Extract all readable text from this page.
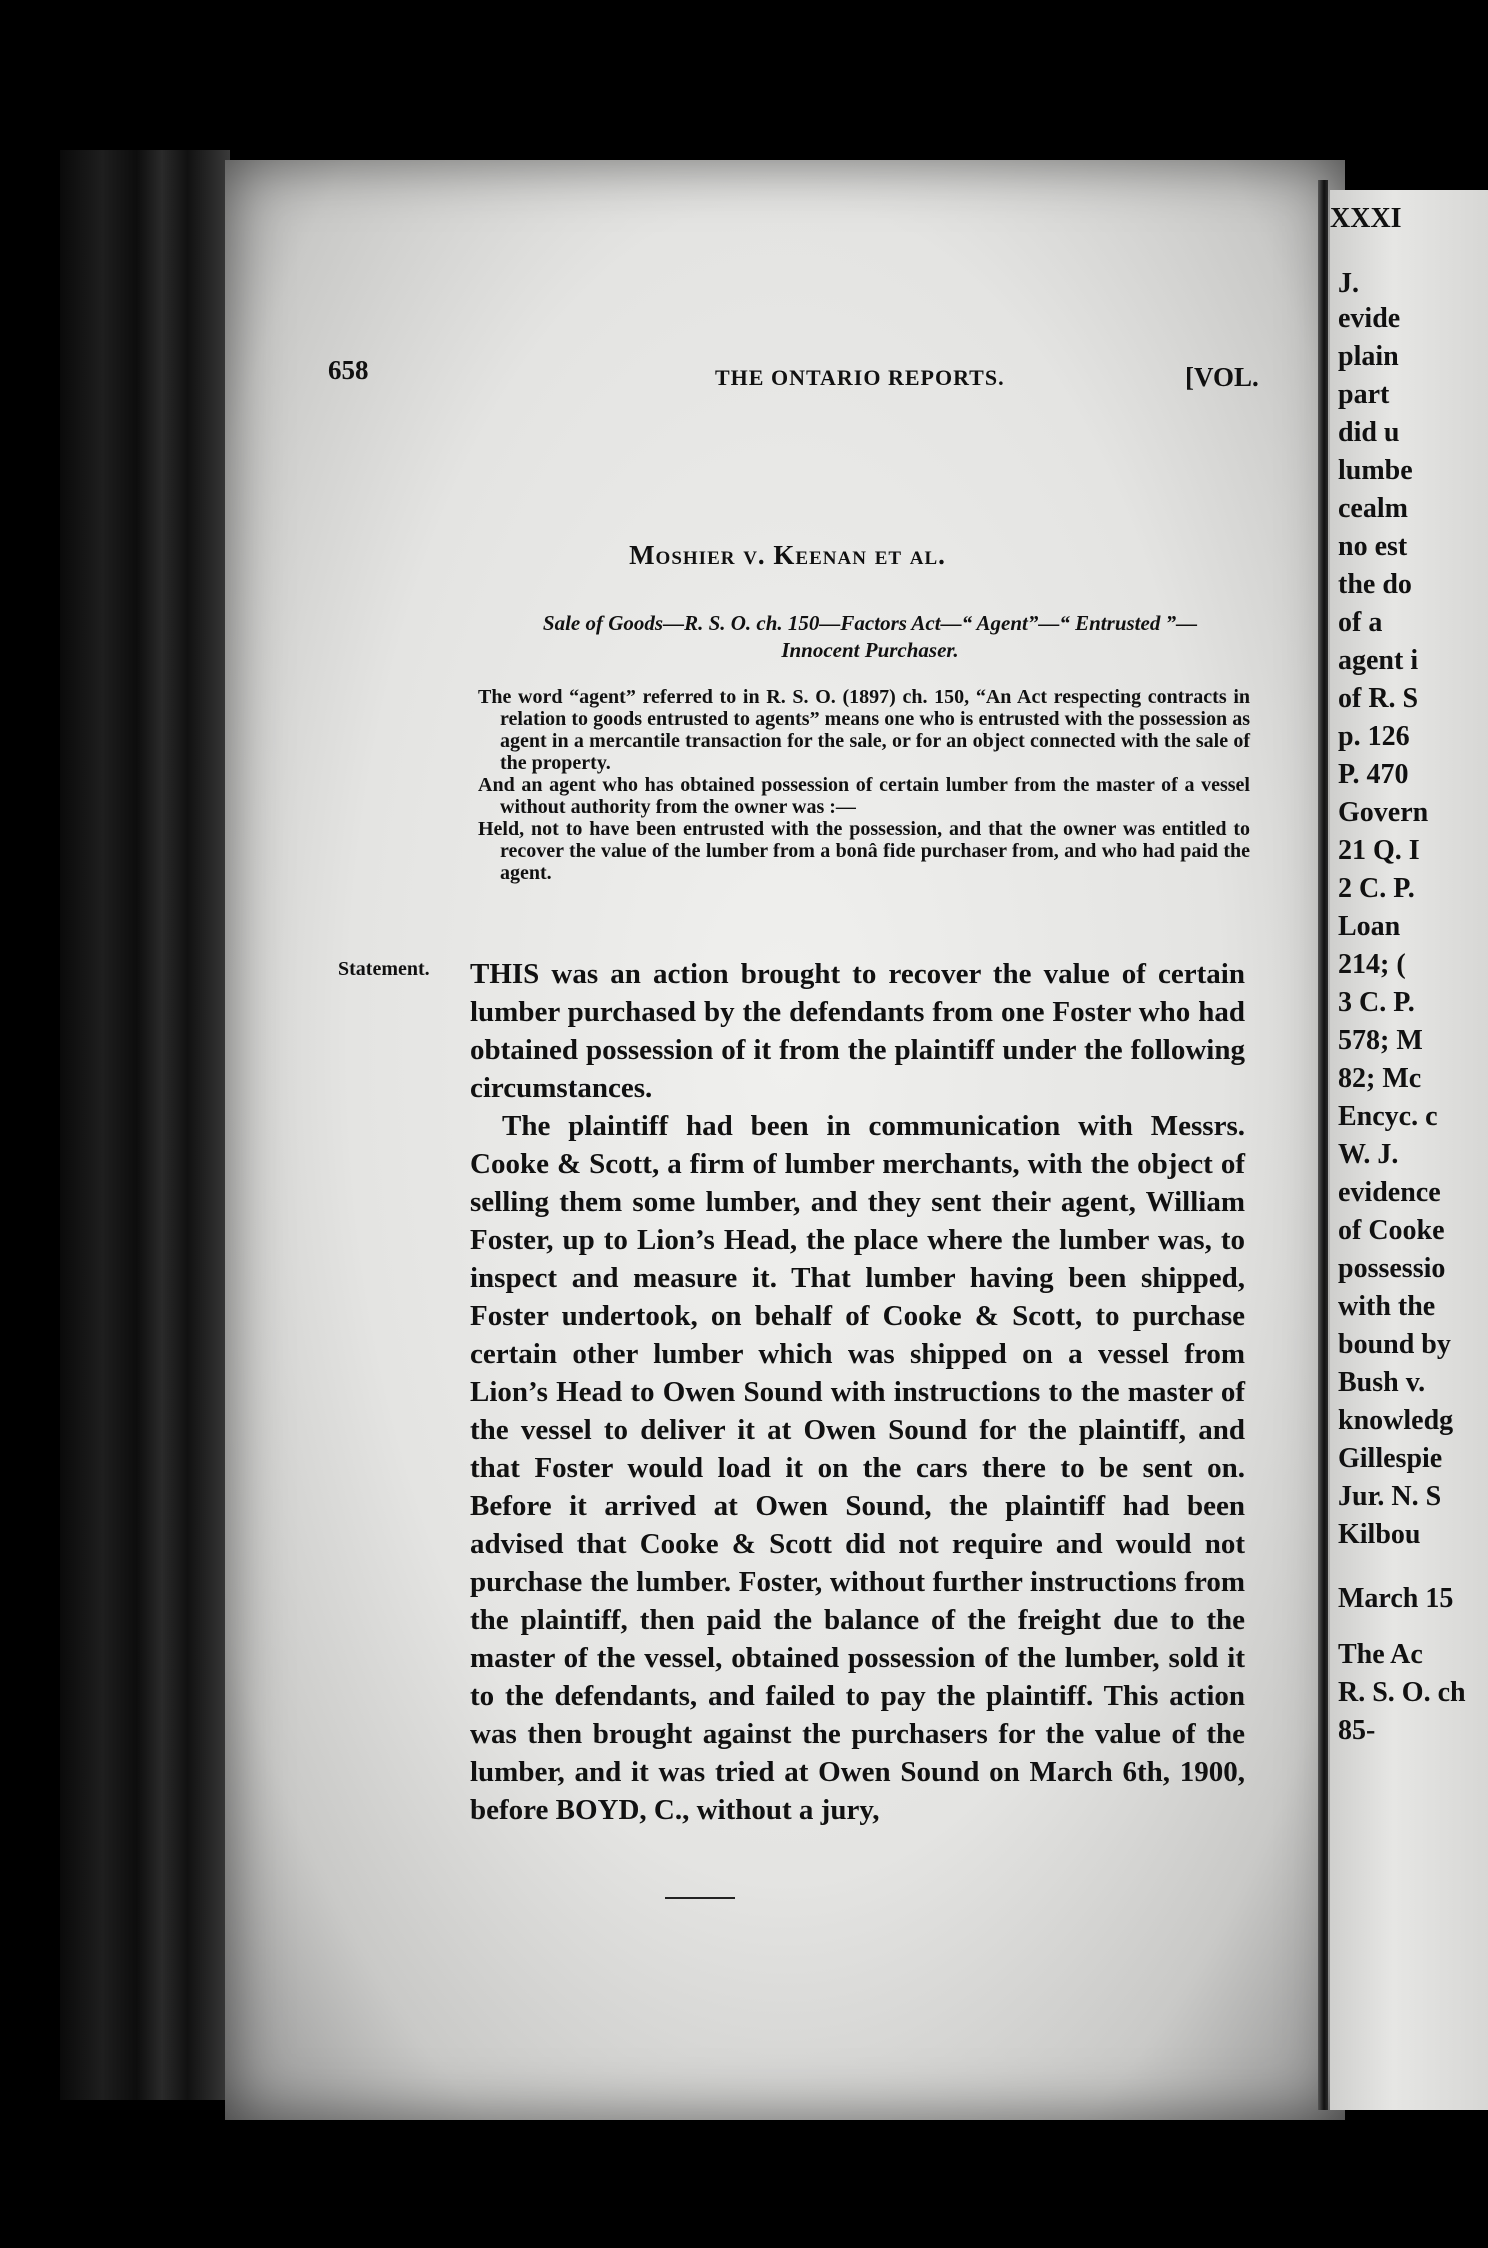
XXXI
J.
evide
plain
part
did u
lumbe
cealm
no est
the do
of a
agent i
of R. S
p. 126
P. 470
Govern
21 Q. I
2 C. P.
Loan
214; (
3 C. P.
578; M
82; Mc
Encyc. c
W. J.
evidence
of Cooke
possessio
with the
bound by
Bush v.
knowledg
Gillespie
Jur. N. S
Kilbou
March 15
The Ac
R. S. O. ch
85-
658	THE ONTARIO REPORTS.	[VOL.
Moshier v. Keenan et al.
Sale of Goods—R. S. O. ch. 150—Factors Act—“ Agent”—“ Entrusted ”—
Innocent Purchaser.

The word “agent” referred to in R. S. O. (1897) ch. 150, “An Act respecting contracts in relation to goods entrusted to agents” means one who is entrusted with the possession as agent in a mercantile transaction for the sale, or for an object connected with the sale of the property.

And an agent who has obtained possession of certain lumber from the master of a vessel without authority from the owner was :—

Held, not to have been entrusted with the possession, and that the owner was entitled to recover the value of the lumber from a bonâ fide purchaser from, and who had paid the agent.

Statement. THIS was an action brought to recover the value of certain lumber purchased by the defendants from one Foster who had obtained possession of it from the plaintiff under the following circumstances.

The plaintiff had been in communication with Messrs. Cooke & Scott, a firm of lumber merchants, with the object of selling them some lumber, and they sent their agent, William Foster, up to Lion’s Head, the place where the lumber was, to inspect and measure it. That lumber having been shipped, Foster undertook, on behalf of Cooke & Scott, to purchase certain other lumber which was shipped on a vessel from Lion’s Head to Owen Sound with instructions to the master of the vessel to deliver it at Owen Sound for the plaintiff, and that Foster would load it on the cars there to be sent on. Before it arrived at Owen Sound, the plaintiff had been advised that Cooke & Scott did not require and would not purchase the lumber. Foster, without further instructions from the plaintiff, then paid the balance of the freight due to the master of the vessel, obtained possession of the lumber, sold it to the defendants, and failed to pay the plaintiff. This action was then brought against the purchasers for the value of the lumber, and it was tried at Owen Sound on March 6th, 1900, before BOYD, C., without a jury,
